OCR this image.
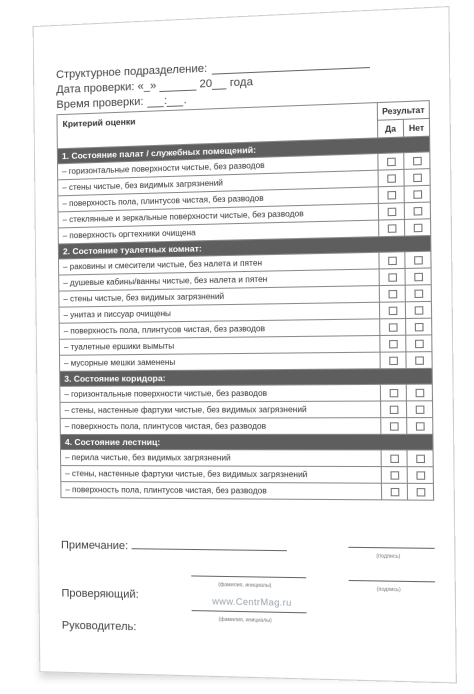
Структурное подразделение:
Дата проверки: « _ »	20 года
Время проверки: : .
Критерий оценки	Результат	
	Да	Нет
1. Состояние палат / служебных помещений:		
– горизонтальные поверхности чистые, без разводов		
– стены чистые, без видимых загрязнений		
– поверхность пола, плинтусов чистая, без разводов		
– стеклянные и зеркальные поверхности чистые, без разводов		
– поверхность оргтехники очищена		
2. Состояние туалетных комнат:		
– раковины и смесители чистые, без налета и пятен		
– душевые кабины/ванны чистые, без налета и пятен		
– стены чистые, без видимых загрязнений		
– унитаз и писсуар очищены		
– поверхность пола, плинтусов чистая, без разводов		
– туалетные ершики вымыты		
– мусорные мешки заменены		
3. Состояние коридора:		
– горизонтальные поверхности чистые, без разводов		
– стены, настенные фартуки чистые, без видимых загрязнений		
– поверхность пола, плинтусов чистая, без разводов		
4. Состояние лестниц:		
– перила чистые, без видимых загрязнений		
– стены, настенные фартуки чистые, без видимых загрязнений		
– поверхность пола, плинтусов чистая, без разводов		
Примечание:
(подпись)
(фамилия, инициалы)
(подпись)
Проверяющий:
(фамилия, инициалы)
Руководитель:
www.CentrMag.ru
